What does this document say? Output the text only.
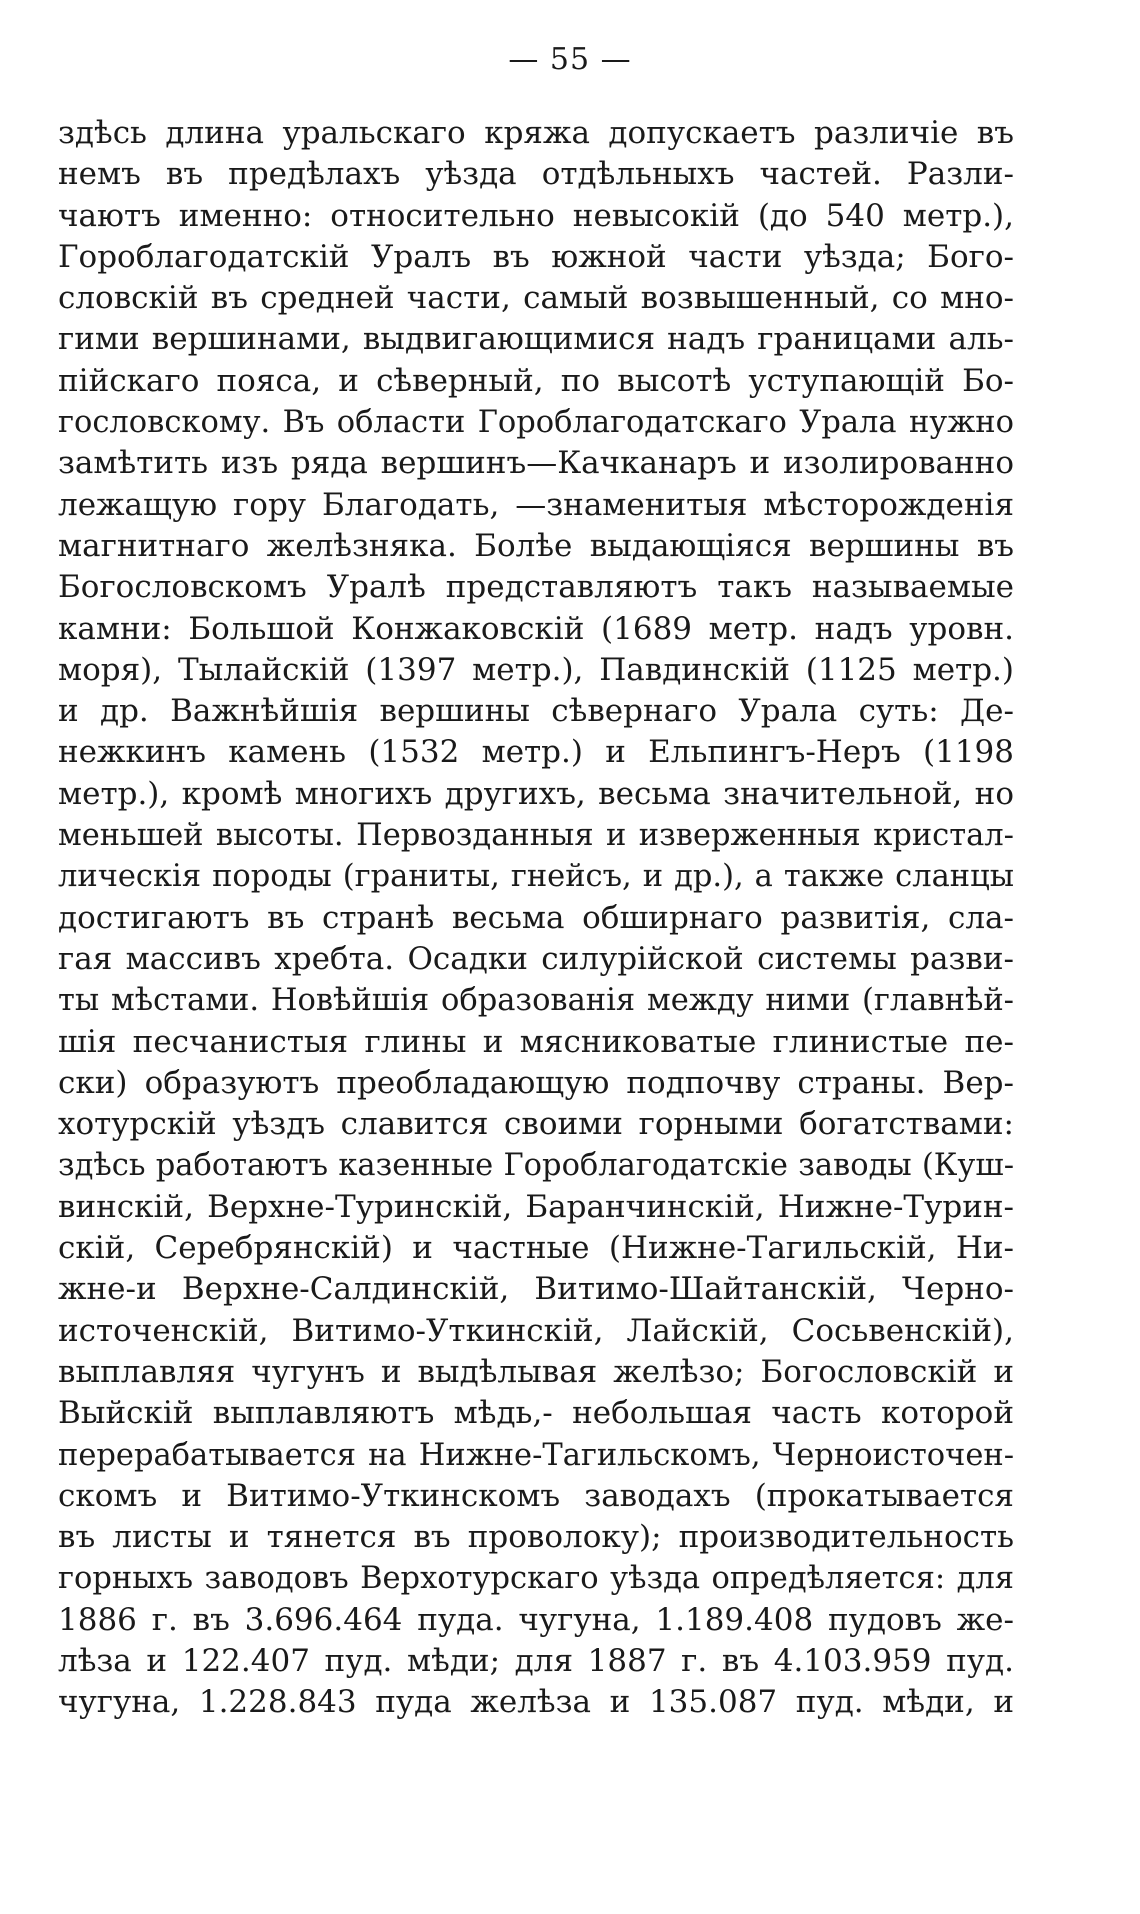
— 55 —
здѣсь длина уральскаго кряжа допускаетъ различіе въ
немъ въ предѣлахъ уѣзда отдѣльныхъ частей. Разли-
чаютъ именно: относительно невысокій (до 540 метр.),
Гороблагодатскій Уралъ въ южной части уѣзда; Бого-
словскій въ средней части, самый возвышенный, со мно-
гими вершинами, выдвигающимися надъ границами аль-
пійскаго пояса, и сѣверный, по высотѣ уступающій Бо-
гословскому. Въ области Гороблагодатскаго Урала нужно
замѣтить изъ ряда вершинъ—Качканаръ и изолированно
лежащую гору Благодать, —знаменитыя мѣсторожденія
магнитнаго желѣзняка. Болѣе выдающіяся вершины въ
Богословскомъ Уралѣ представляютъ такъ называемые
камни: Большой Конжаковскій (1689 метр. надъ уровн.
моря), Тылайскій (1397 метр.), Павдинскій (1125 метр.)
и др. Важнѣйшія вершины сѣвернаго Урала суть: Де-
нежкинъ камень (1532 метр.) и Ельпингъ-Неръ (1198
метр.), кромѣ многихъ другихъ, весьма значительной, но
меньшей высоты. Первозданныя и изверженныя кристал-
лическія породы (граниты, гнейсъ, и др.), а также сланцы
достигаютъ въ странѣ весьма обширнаго развитія, сла-
гая массивъ хребта. Осадки силурійской системы разви-
ты мѣстами. Новѣйшія образованія между ними (главнѣй-
шія песчанистыя глины и мясниковатые глинистые пе-
ски) образуютъ преобладающую подпочву страны. Вер-
хотурскій уѣздъ славится своими горными богатствами:
здѣсь работаютъ казенные Гороблагодатскіе заводы (Куш-
винскій, Верхне-Туринскій, Баранчинскій, Нижне-Турин-
скій, Серебрянскій) и частные (Нижне-Тагильскій, Ни-
жне-и Верхне-Салдинскій, Витимо-Шайтанскій, Черно-
источенскій, Витимо-Уткинскій, Лайскій, Сосьвенскій),
выплавляя чугунъ и выдѣлывая желѣзо; Богословскій и
Выйскій выплавляютъ мѣдь,- небольшая часть которой
перерабатывается на Нижне-Тагильскомъ, Черноисточен-
скомъ и Витимо-Уткинскомъ заводахъ (прокатывается
въ листы и тянется въ проволоку); производительность
горныхъ заводовъ Верхотурскаго уѣзда опредѣляется: для
1886 г. въ 3.696.464 пуда. чугуна, 1.189.408 пудовъ же-
лѣза и 122.407 пуд. мѣди; для 1887 г. въ 4.103.959 пуд.
чугуна, 1.228.843 пуда желѣза и 135.087 пуд. мѣди, и
